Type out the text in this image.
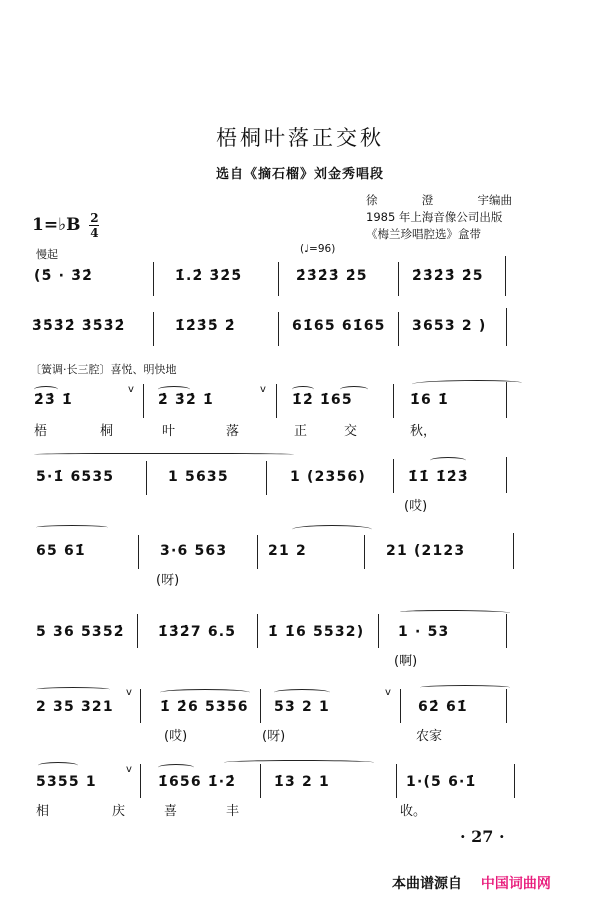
梧桐叶落正交秋
选自《摘石榴》刘金秀唱段
徐	澄	宇编曲
1985 年上海音像公司出版
《梅兰珍唱腔选》盒带
1=♭B $\frac{2}{4}$
慢起	(♩=96)
(5̇ · 3̇2̇	1̇.2̇ 3̇2̇5̇	2̇3̇2̇3̇ 2̇5	2̇3̇2̇3̇ 2̇5
3̇5̇3̇2̇ 3̇5̇3̇2̇	1̇2̇3̇5̇ 2̇	61̇65 61̇65 3653 2 )
〔簧调·长三腔〕喜悦、明快地
2̇3̇ 1̇
v
2̇ 3̇2̇ 1̇
v
1̇2̇ 1̇65	1̇6 1̇
梧	桐	叶	落	正	交	秋，
5·1̇ 6535	1 5635	1 (2356)	1̇1̇ 1̇2̇3̇
(哎)
65 61̇	3·6 563	21 2	21 (2123
(呀)
5 36 5352̇ 1̇3̇2̇7 6.5 1̇ 1̇6 5532) 1 · 53
(啊)
2 35 321
v
1̇ 2̇6 5356 53 2 1
v
62̇ 61̇
(哎)	(呀)	农家
5355 1
v
1̇656 1̇·2̇	1̇3 2 1	1·(5 6·1̇
相	庆	喜	丰	收。
· 27 ·
本曲谱源自 中国词曲网
